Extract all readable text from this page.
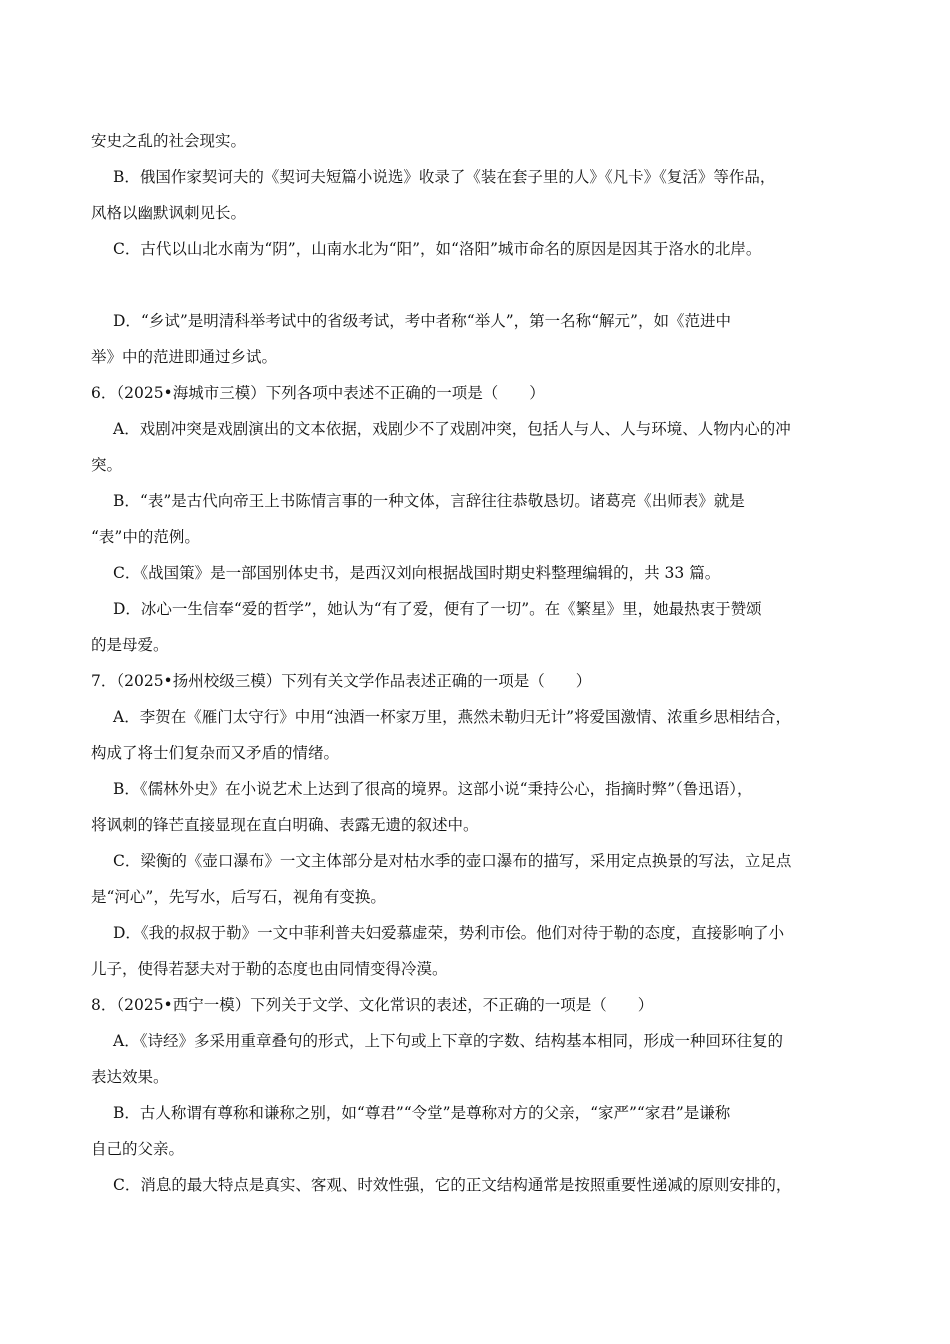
安史之乱的社会现实。
B．俄国作家契诃夫的《契诃夫短篇小说选》收录了《装在套子里的人》《凡卡》《复活》等作品，
风格以幽默讽刺见长。
C．古代以山北水南为“阴”，山南水北为“阳”，如“洛阳”城市命名的原因是因其于洛水的北岸。
D．“乡试”是明清科举考试中的省级考试，考中者称“举人”，第一名称“解元”，如《范进中
举》中的范进即通过乡试。
6．（2025•海城市三模）下列各项中表述不正确的一项是（　　）
A．戏剧冲突是戏剧演出的文本依据，戏剧少不了戏剧冲突，包括人与人、人与环境、人物内心的冲
突。
B．“表”是古代向帝王上书陈情言事的一种文体，言辞往往恭敬恳切。诸葛亮《出师表》就是
“表”中的范例。
C．《战国策》是一部国别体史书，是西汉刘向根据战国时期史料整理编辑的，共 33 篇。
D．冰心一生信奉“爱的哲学”，她认为“有了爱，便有了一切”。在《繁星》里，她最热衷于赞颂
的是母爱。
7．（2025•扬州校级三模）下列有关文学作品表述正确的一项是（　　）
A．李贺在《雁门太守行》中用“浊酒一杯家万里，燕然未勒归无计”将爱国激情、浓重乡思相结合，
构成了将士们复杂而又矛盾的情绪。
B．《儒林外史》在小说艺术上达到了很高的境界。这部小说“秉持公心，指摘时弊”（鲁迅语），
将讽刺的锋芒直接显现在直白明确、表露无遗的叙述中。
C．梁衡的《壶口瀑布》一文主体部分是对枯水季的壶口瀑布的描写，采用定点换景的写法，立足点
是“河心”，先写水，后写石，视角有变换。
D．《我的叔叔于勒》一文中菲利普夫妇爱慕虚荣，势利市侩。他们对待于勒的态度，直接影响了小
儿子，使得若瑟夫对于勒的态度也由同情变得冷漠。
8．（2025•西宁一模）下列关于文学、文化常识的表述，不正确的一项是（　　）
A．《诗经》多采用重章叠句的形式，上下句或上下章的字数、结构基本相同，形成一种回环往复的
表达效果。
B．古人称谓有尊称和谦称之别，如“尊君”“令堂”是尊称对方的父亲，“家严”“家君”是谦称
自己的父亲。
C．消息的最大特点是真实、客观、时效性强，它的正文结构通常是按照重要性递减的原则安排的，
